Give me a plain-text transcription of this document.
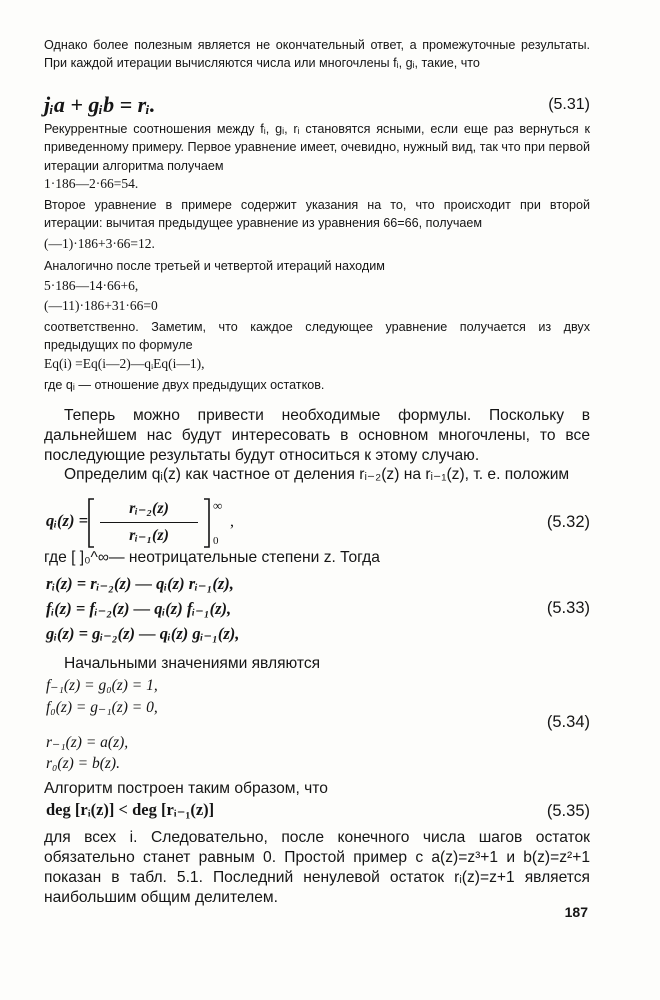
Однако более полезным является не окончательный ответ, а промежуточные результаты. При каждой итерации вычисляются числа или многочлены fᵢ, gᵢ, такие, что

jᵢa + gᵢb = rᵢ.	(5.31)

Рекуррентные соотношения между fᵢ, gᵢ, rᵢ становятся ясными, если еще раз вернуться к приведенному примеру. Первое уравнение имеет, очевидно, нужный вид, так что при первой итерации алгоритма получаем

1·186—2·66=54.

Второе уравнение в примере содержит указания на то, что происходит при второй итерации: вычитая предыдущее уравнение из уравнения 66=66, получаем

(—1)·186+3·66=12.

Аналогично после третьей и четвертой итераций находим

5·186—14·66+6,
(—11)·186+31·66=0

соответственно. Заметим, что каждое следующее уравнение получается из двух предыдущих по формуле

Eq(i) =Eq(i—2)—qᵢEq(i—1),

где qᵢ — отношение двух предыдущих остатков.

Теперь можно привести необходимые формулы. Поскольку в дальнейшем нас будут интересовать в основном многочлены, то все последующие результаты будут относиться к этому случаю.

Определим qᵢ(z) как частное от деления rᵢ₋₂(z) на rᵢ₋₁(z), т. е. положим

qᵢ(z) =
rᵢ₋₂(z)
rᵢ₋₁(z)
∞
0
,	(5.32)

где [ ]₀^∞— неотрицательные степени z. Тогда

rᵢ(z) = rᵢ₋₂(z) — qᵢ(z) rᵢ₋₁(z),
fᵢ(z) = fᵢ₋₂(z) — qᵢ(z) fᵢ₋₁(z),
gᵢ(z) = gᵢ₋₂(z) — qᵢ(z) gᵢ₋₁(z),
(5.33)

Начальными значениями являются

f₋₁(z) = g₀(z) = 1,
f₀(z) = g₋₁(z) = 0,
r₋₁(z) = a(z),
r₀(z) = b(z).
(5.34)

Алгоритм построен таким образом, что

deg [rᵢ(z)] < deg [rᵢ₋₁(z)]	(5.35)

для всех i. Следовательно, после конечного числа шагов остаток обязательно станет равным 0. Простой пример с a(z)=z³+1 и b(z)=z²+1 показан в табл. 5.1. Последний ненулевой остаток rᵢ(z)=z+1 является наибольшим общим делителем.

187
